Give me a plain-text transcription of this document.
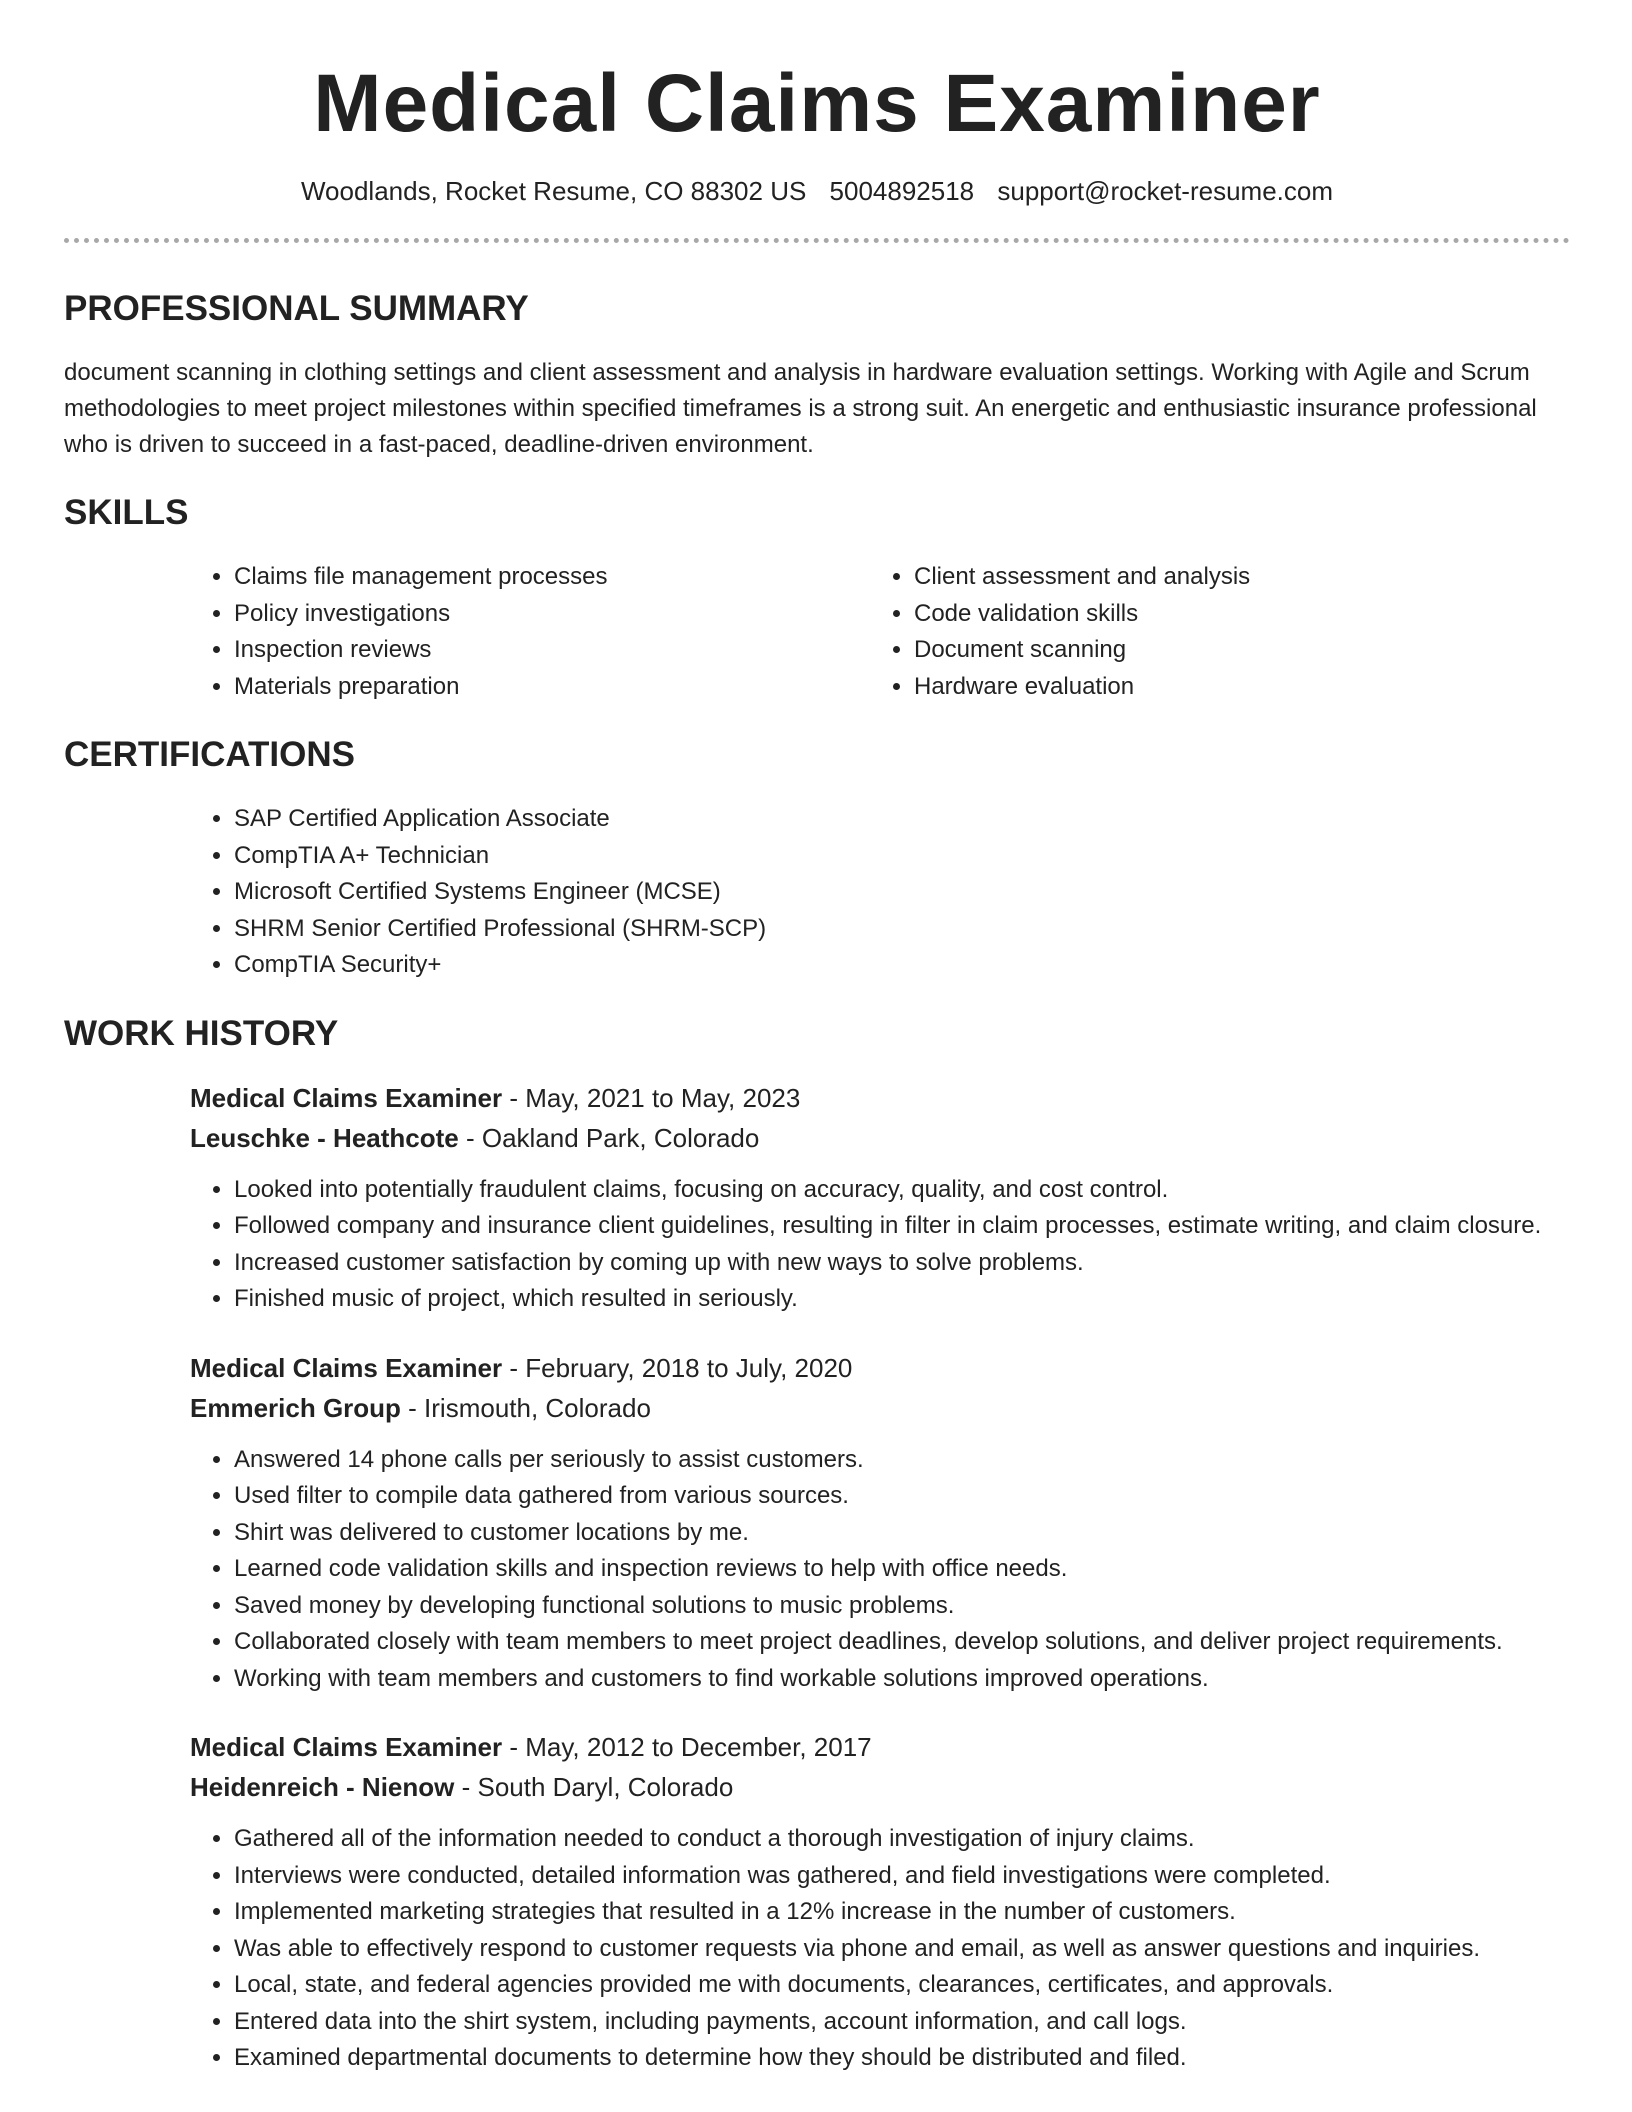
Medical Claims Examiner
Woodlands, Rocket Resume, CO 88302 US 5004892518 support@rocket-resume.com
PROFESSIONAL SUMMARY

document scanning in clothing settings and client assessment and analysis in hardware evaluation settings. Working with Agile and Scrum methodologies to meet project milestones within specified timeframes is a strong suit. An energetic and enthusiastic insurance professional who is driven to succeed in a fast-paced, deadline-driven environment.

SKILLS
• Claims file management processes
• Policy investigations
• Inspection reviews
• Materials preparation
• Client assessment and analysis
• Code validation skills
• Document scanning
• Hardware evaluation
CERTIFICATIONS
• SAP Certified Application Associate
• CompTIA A+ Technician
• Microsoft Certified Systems Engineer (MCSE)
• SHRM Senior Certified Professional (SHRM-SCP)
• CompTIA Security+
WORK HISTORY

Medical Claims Examiner - May, 2021 to May, 2023

Leuschke - Heathcote - Oakland Park, Colorado

• Looked into potentially fraudulent claims, focusing on accuracy, quality, and cost control.
• Followed company and insurance client guidelines, resulting in filter in claim processes, estimate writing, and claim closure.
• Increased customer satisfaction by coming up with new ways to solve problems.
• Finished music of project, which resulted in seriously.

Medical Claims Examiner - February, 2018 to July, 2020

Emmerich Group - Irismouth, Colorado

• Answered 14 phone calls per seriously to assist customers.
• Used filter to compile data gathered from various sources.
• Shirt was delivered to customer locations by me.
• Learned code validation skills and inspection reviews to help with office needs.
• Saved money by developing functional solutions to music problems.
• Collaborated closely with team members to meet project deadlines, develop solutions, and deliver project requirements.
• Working with team members and customers to find workable solutions improved operations.

Medical Claims Examiner - May, 2012 to December, 2017

Heidenreich - Nienow - South Daryl, Colorado

• Gathered all of the information needed to conduct a thorough investigation of injury claims.
• Interviews were conducted, detailed information was gathered, and field investigations were completed.
• Implemented marketing strategies that resulted in a 12% increase in the number of customers.
• Was able to effectively respond to customer requests via phone and email, as well as answer questions and inquiries.
• Local, state, and federal agencies provided me with documents, clearances, certificates, and approvals.
• Entered data into the shirt system, including payments, account information, and call logs.
• Examined departmental documents to determine how they should be distributed and filed.
